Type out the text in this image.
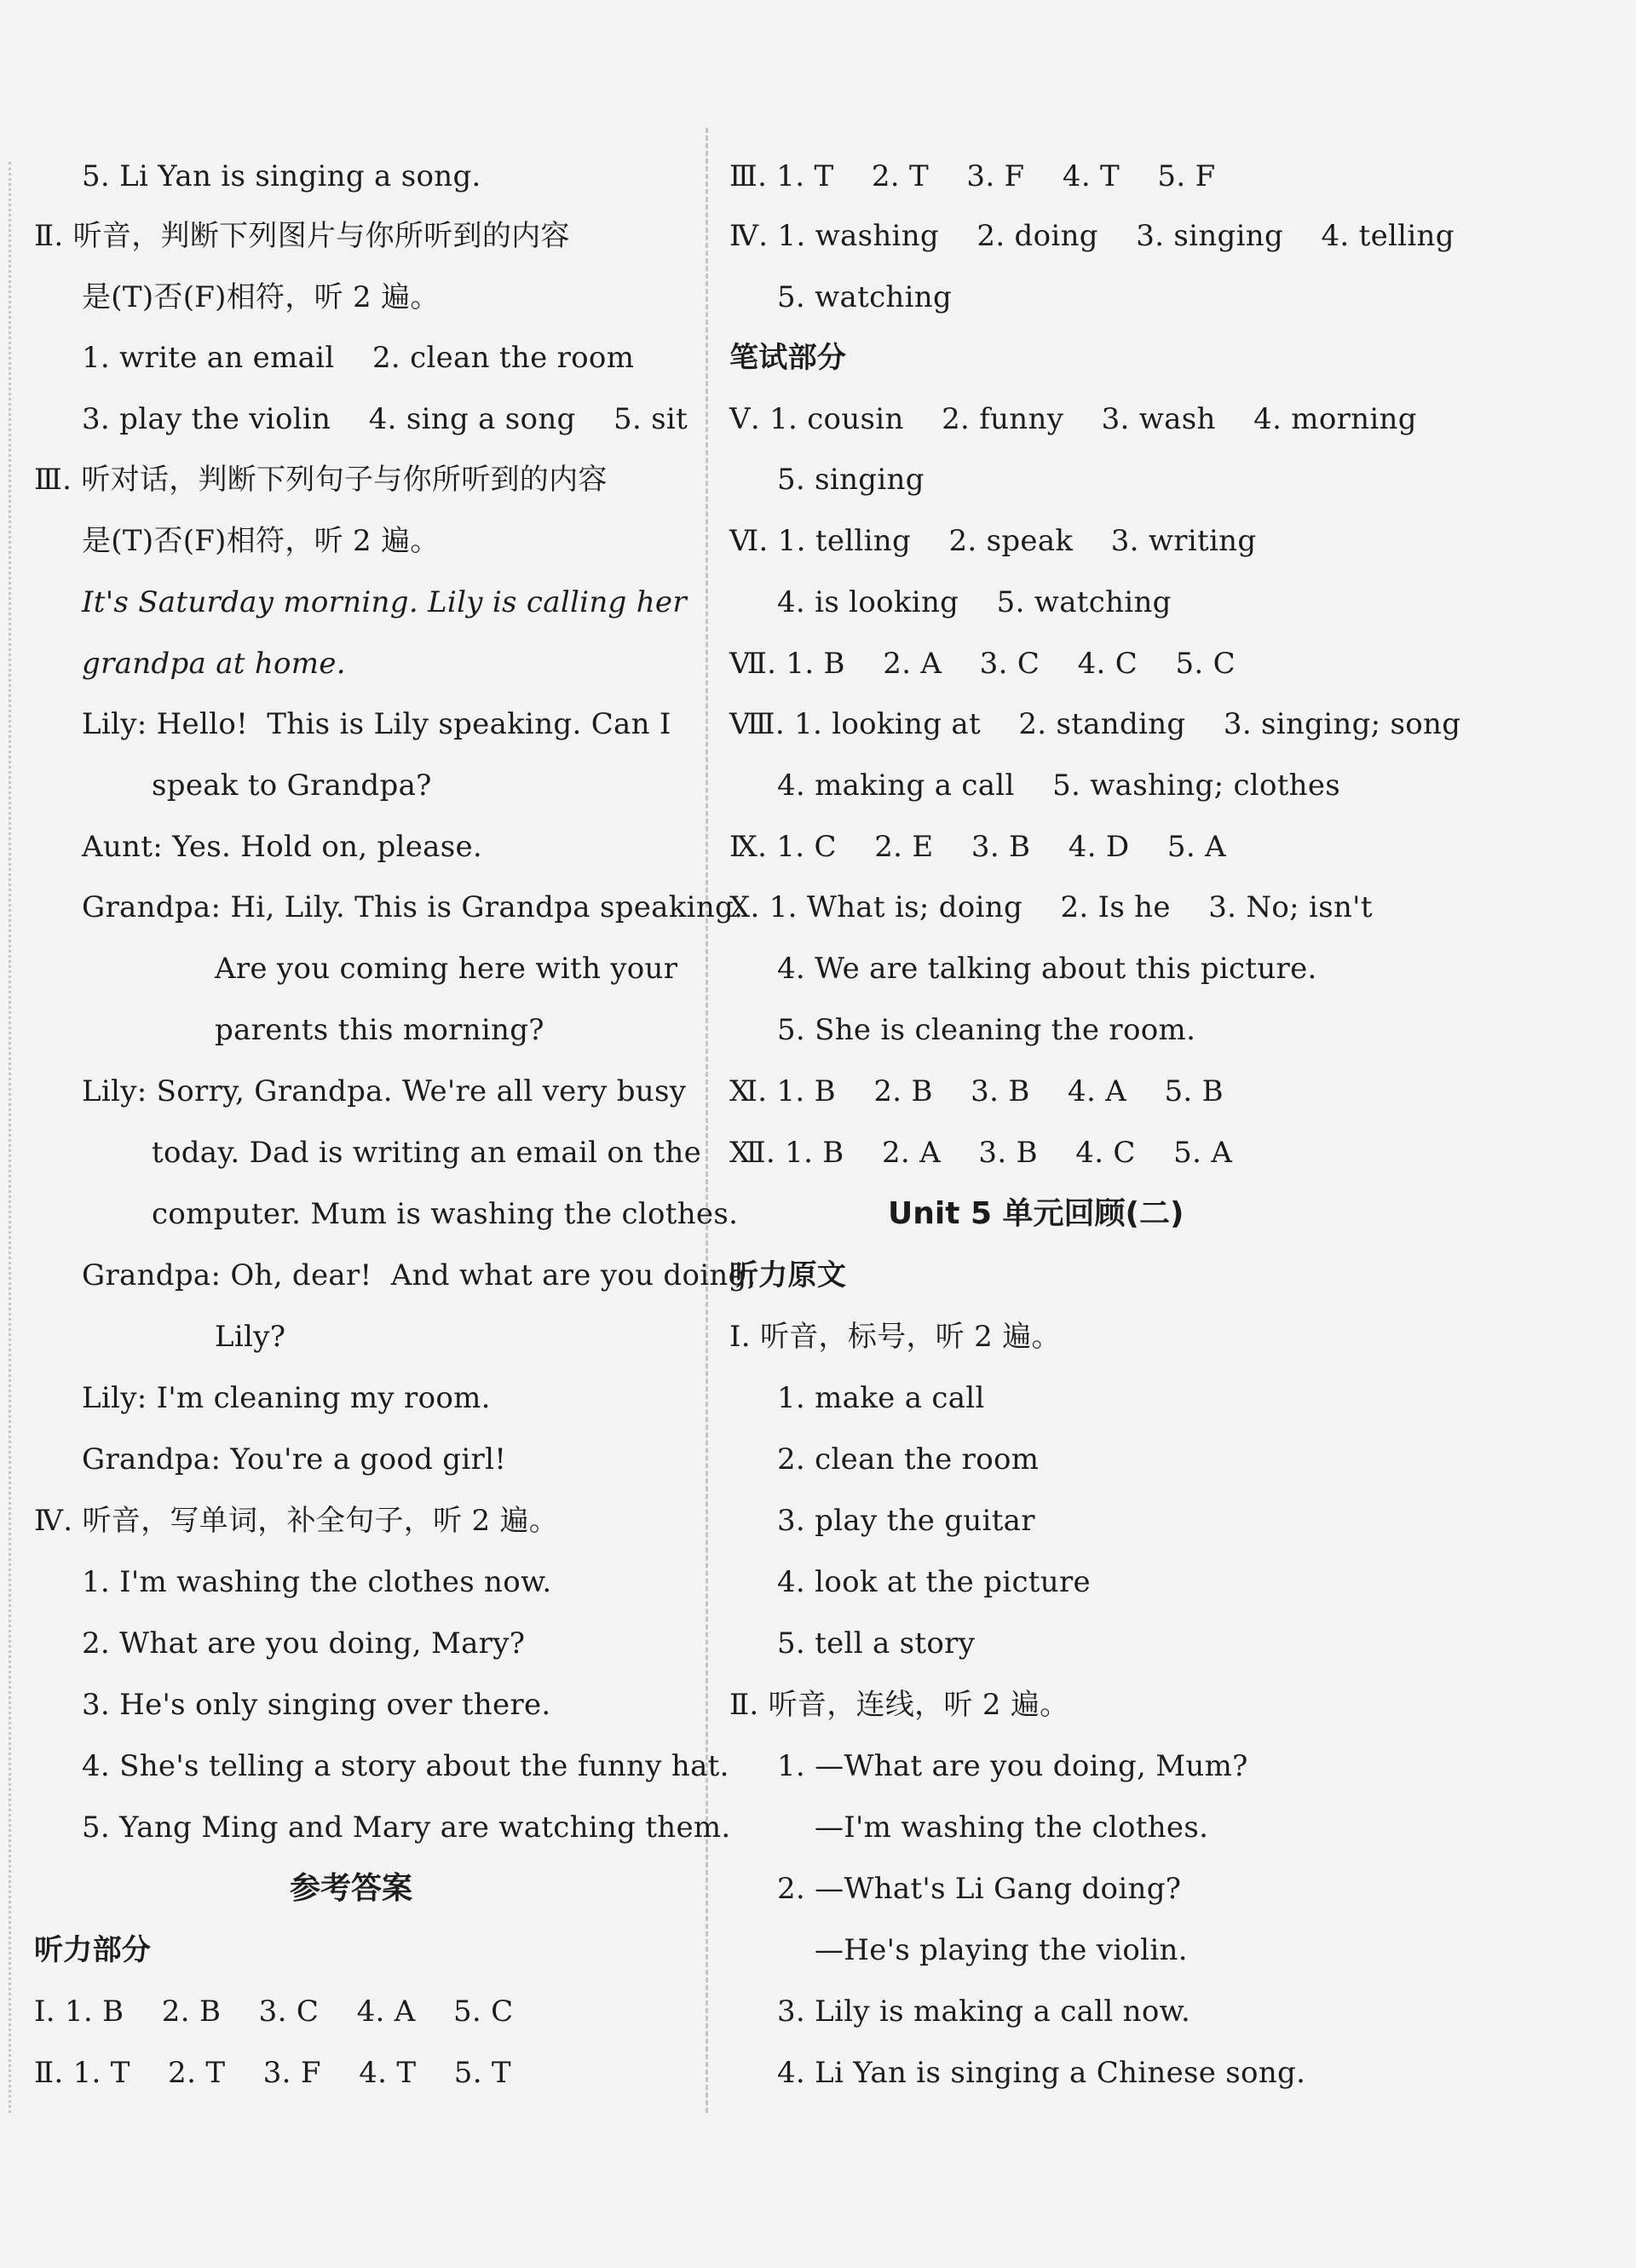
5. Li Yan is singing a song.
Ⅱ. 听音，判断下列图片与你所听到的内容
是(T)否(F)相符，听 2 遍。
1. write an email    2. clean the room
3. play the violin    4. sing a song    5. sit
Ⅲ. 听对话，判断下列句子与你所听到的内容
是(T)否(F)相符，听 2 遍。
It's Saturday morning. Lily is calling her
grandpa at home.
Lily: Hello!  This is Lily speaking. Can I
speak to Grandpa?
Aunt: Yes. Hold on, please.
Grandpa: Hi, Lily. This is Grandpa speaking.
Are you coming here with your
parents this morning?
Lily: Sorry, Grandpa. We're all very busy
today. Dad is writing an email on the
computer. Mum is washing the clothes.
Grandpa: Oh, dear!  And what are you doing,
Lily?
Lily: I'm cleaning my room.
Grandpa: You're a good girl!
Ⅳ. 听音，写单词，补全句子，听 2 遍。
1. I'm washing the clothes now.
2. What are you doing, Mary?
3. He's only singing over there.
4. She's telling a story about the funny hat.
5. Yang Ming and Mary are watching them.
参考答案
听力部分
Ⅰ. 1. B    2. B    3. C    4. A    5. C
Ⅱ. 1. T    2. T    3. F    4. T    5. T
Ⅲ. 1. T    2. T    3. F    4. T    5. F
Ⅳ. 1. washing    2. doing    3. singing    4. telling
5. watching
笔试部分
Ⅴ. 1. cousin    2. funny    3. wash    4. morning
5. singing
Ⅵ. 1. telling    2. speak    3. writing
4. is looking    5. watching
Ⅶ. 1. B    2. A    3. C    4. C    5. C
Ⅷ. 1. looking at    2. standing    3. singing; song
4. making a call    5. washing; clothes
Ⅸ. 1. C    2. E    3. B    4. D    5. A
Ⅹ. 1. What is; doing    2. Is he    3. No; isn't
4. We are talking about this picture.
5. She is cleaning the room.
Ⅺ. 1. B    2. B    3. B    4. A    5. B
Ⅻ. 1. B    2. A    3. B    4. C    5. A
Unit 5 单元回顾(二)
听力原文
Ⅰ. 听音，标号，听 2 遍。
1. make a call
2. clean the room
3. play the guitar
4. look at the picture
5. tell a story
Ⅱ. 听音，连线，听 2 遍。
1. —What are you doing, Mum?
—I'm washing the clothes.
2. —What's Li Gang doing?
—He's playing the violin.
3. Lily is making a call now.
4. Li Yan is singing a Chinese song.
